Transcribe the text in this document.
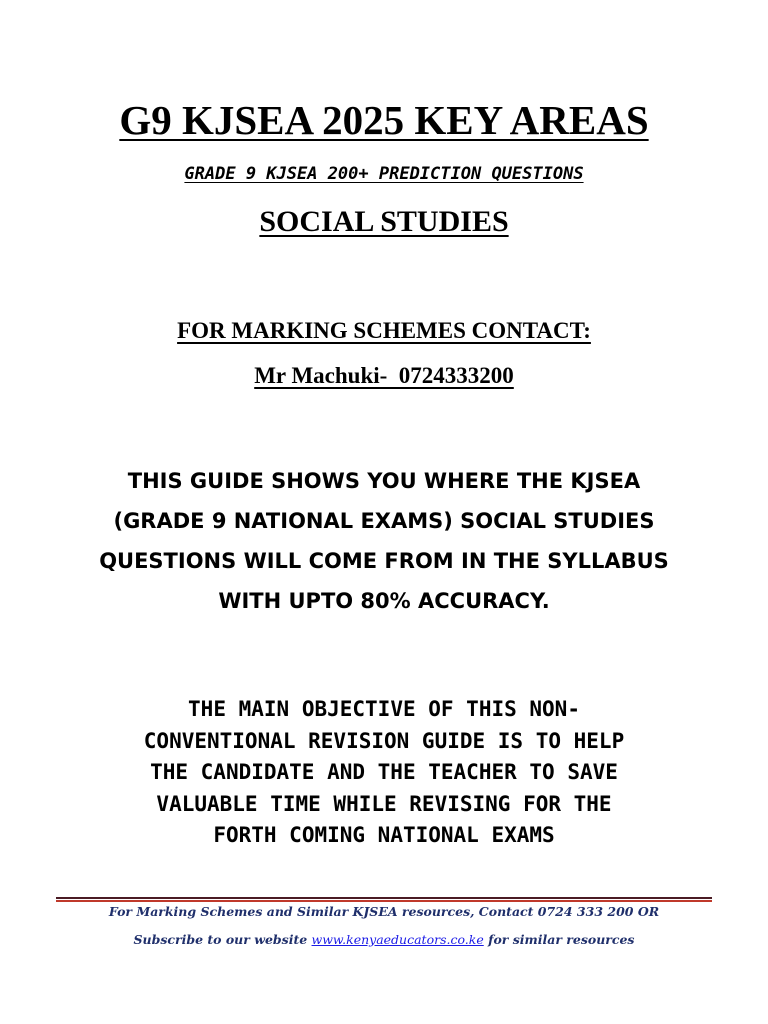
G9 KJSEA 2025 KEY AREAS
GRADE 9 KJSEA 200+ PREDICTION QUESTIONS
SOCIAL STUDIES
FOR MARKING SCHEMES CONTACT:
Mr Machuki-  0724333200
THIS GUIDE SHOWS YOU WHERE THE KJSEA
(GRADE 9 NATIONAL EXAMS) SOCIAL STUDIES
QUESTIONS WILL COME FROM IN THE SYLLABUS
WITH UPTO 80% ACCURACY.
THE MAIN OBJECTIVE OF THIS NON-
CONVENTIONAL REVISION GUIDE IS TO HELP
THE CANDIDATE AND THE TEACHER TO SAVE
VALUABLE TIME WHILE REVISING FOR THE
FORTH COMING NATIONAL EXAMS
For Marking Schemes and Similar KJSEA resources, Contact 0724 333 200 OR
Subscribe to our website www.kenyaeducators.co.ke for similar resources
